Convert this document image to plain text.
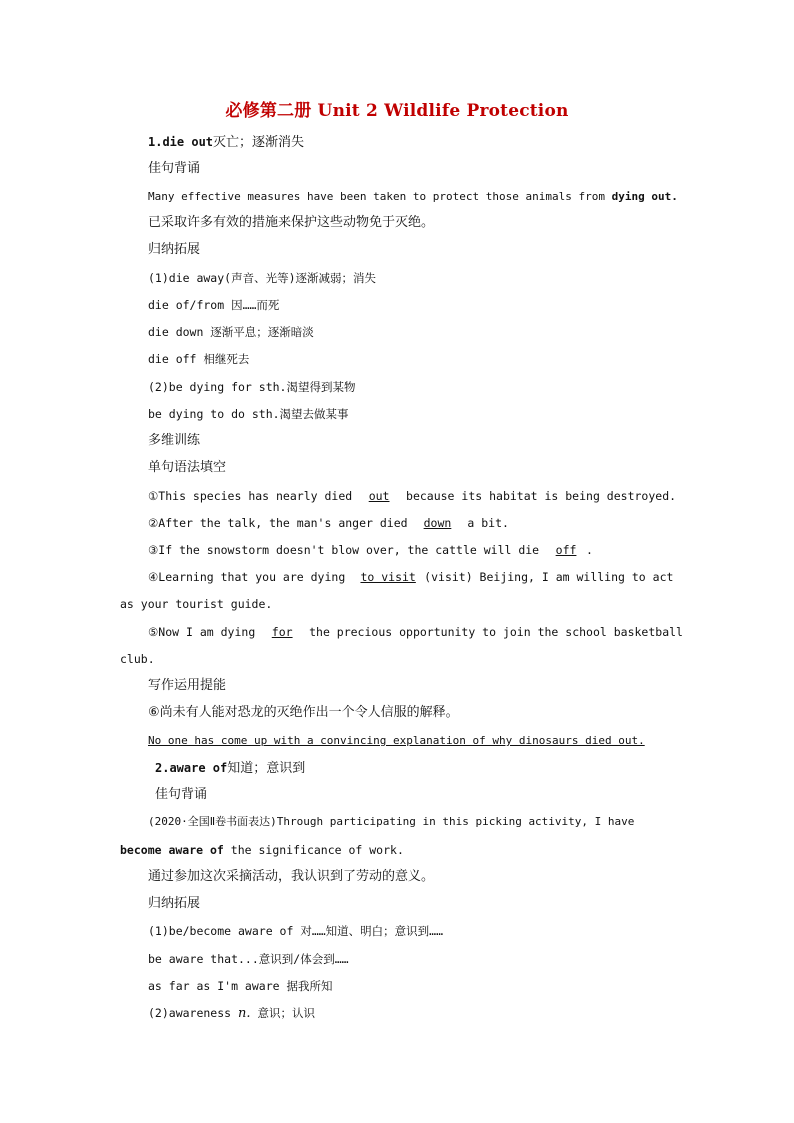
必修第二册 Unit 2 Wildlife Protection
1.die out灭亡；逐渐消失
佳句背诵
Many effective measures have been taken to protect those animals from dying out.
已采取许多有效的措施来保护这些动物免于灭绝。
归纳拓展
(1)die away(声音、光等)逐渐减弱；消失
die of/from 因……而死
die down 逐渐平息；逐渐暗淡
die off 相继死去
(2)be dying for sth.渴望得到某物
be dying to do sth.渴望去做某事
多维训练
单句语法填空
①This species has nearly died out because its habitat is being destroyed.
②After the talk, the man's anger died down a bit.
③If the snowstorm doesn't blow over, the cattle will die off .
④Learning that you are dying to visit (visit) Beijing, I am willing to act
as your tourist guide.
⑤Now I am dying for the precious opportunity to join the school basketball
club.
写作运用提能
⑥尚未有人能对恐龙的灭绝作出一个令人信服的解释。
No one has come up with a convincing explanation of why dinosaurs died out.
2.aware of知道；意识到
佳句背诵
(2020·全国Ⅱ卷书面表达)Through participating in this picking activity, I have
become aware of the significance of work.
通过参加这次采摘活动，我认识到了劳动的意义。
归纳拓展
(1)be/become aware of 对……知道、明白；意识到……
be aware that...意识到/体会到……
as far as I'm aware 据我所知
(2)awareness n. 意识；认识
